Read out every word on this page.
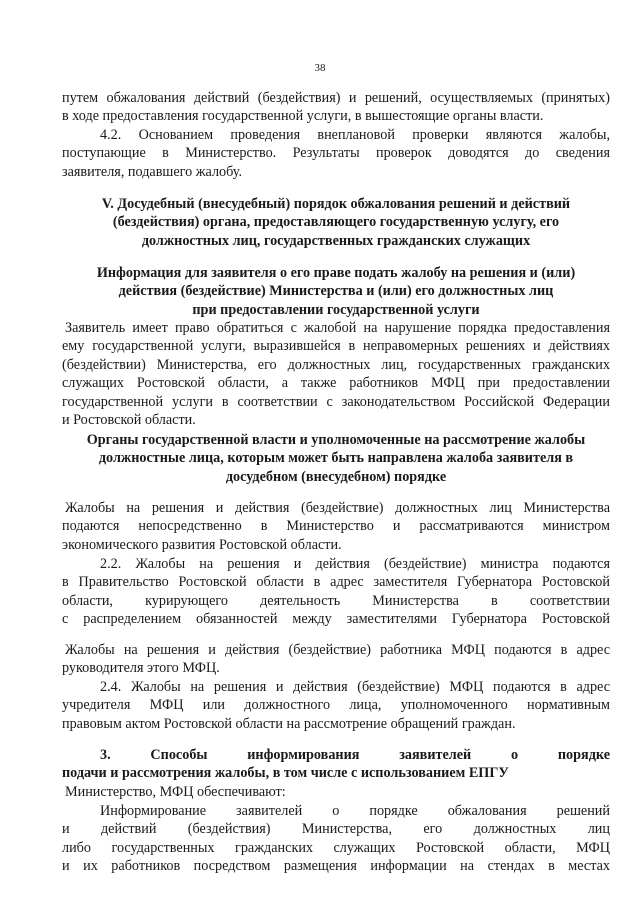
38
путем обжалования действий (бездействия) и решений, осуществляемых (принятых)
в ходе предоставления государственной услуги, в вышестоящие органы власти.
4.2. Основанием проведения внеплановой проверки являются жалобы,
поступающие в Министерство. Результаты проверок доводятся до сведения
заявителя, подавшего жалобу.
V. Досудебный (внесудебный) порядок обжалования решений и действий
(бездействия) органа, предоставляющего государственную услугу, его
должностных лиц, государственных гражданских служащих
Информация для заявителя о его праве подать жалобу на решения и (или)
действия (бездействие) Министерства и (или) его должностных лиц
при предоставлении государственной услуги
Заявитель имеет право обратиться с жалобой на нарушение порядка предоставления
ему государственной услуги, выразившейся в неправомерных решениях и действиях
(бездействии) Министерства, его должностных лиц, государственных гражданских
служащих Ростовской области, а также работников МФЦ при предоставлении
государственной услуги в соответствии с законодательством Российской Федерации
и Ростовской области.
Органы государственной власти и уполномоченные на рассмотрение жалобы
должностные лица, которым может быть направлена жалоба заявителя в
досудебном (внесудебном) порядке
Жалобы на решения и действия (бездействие) должностных лиц Министерства
подаются непосредственно в Министерство и рассматриваются министром
экономического развития Ростовской области.
2.2. Жалобы на решения и действия (бездействие) министра подаются
в Правительство Ростовской области в адрес заместителя Губернатора Ростовской
области, курирующего деятельность Министерства в соответствии
с распределением обязанностей между заместителями Губернатора Ростовской
Жалобы на решения и действия (бездействие) работника МФЦ подаются в адрес
руководителя этого МФЦ.
2.4. Жалобы на решения и действия (бездействие) МФЦ подаются в адрес
учредителя МФЦ или должностного лица, уполномоченного нормативным
правовым актом Ростовской области на рассмотрение обращений граждан.
3. Способы информирования заявителей о порядке
подачи и рассмотрения жалобы, в том числе с использованием ЕПГУ
Министерство, МФЦ обеспечивают:
Информирование заявителей о порядке обжалования решений
и действий (бездействия) Министерства, его должностных лиц
либо государственных гражданских служащих Ростовской области, МФЦ
и их работников посредством размещения информации на стендах в местах
